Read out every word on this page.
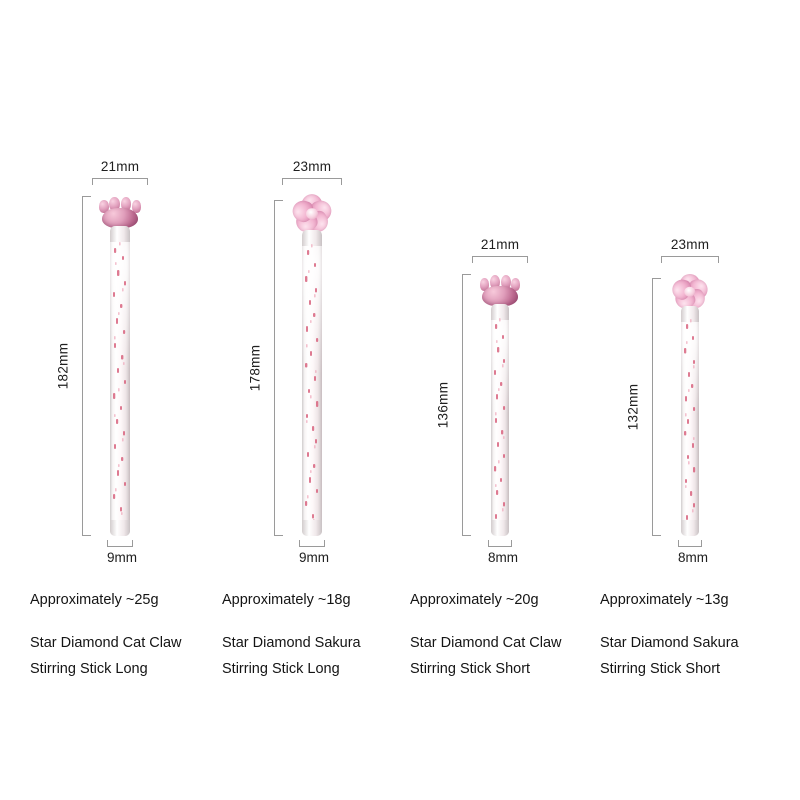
21mm
182mm
9mm
Approximately ~25g
Star Diamond Cat Claw
Stirring Stick Long
23mm
178mm
9mm
Approximately ~18g
Star Diamond Sakura
Stirring Stick Long
21mm
136mm
8mm
Approximately ~20g
Star Diamond Cat Claw
Stirring Stick Short
23mm
132mm
8mm
Approximately ~13g
Star Diamond Sakura
Stirring Stick Short
